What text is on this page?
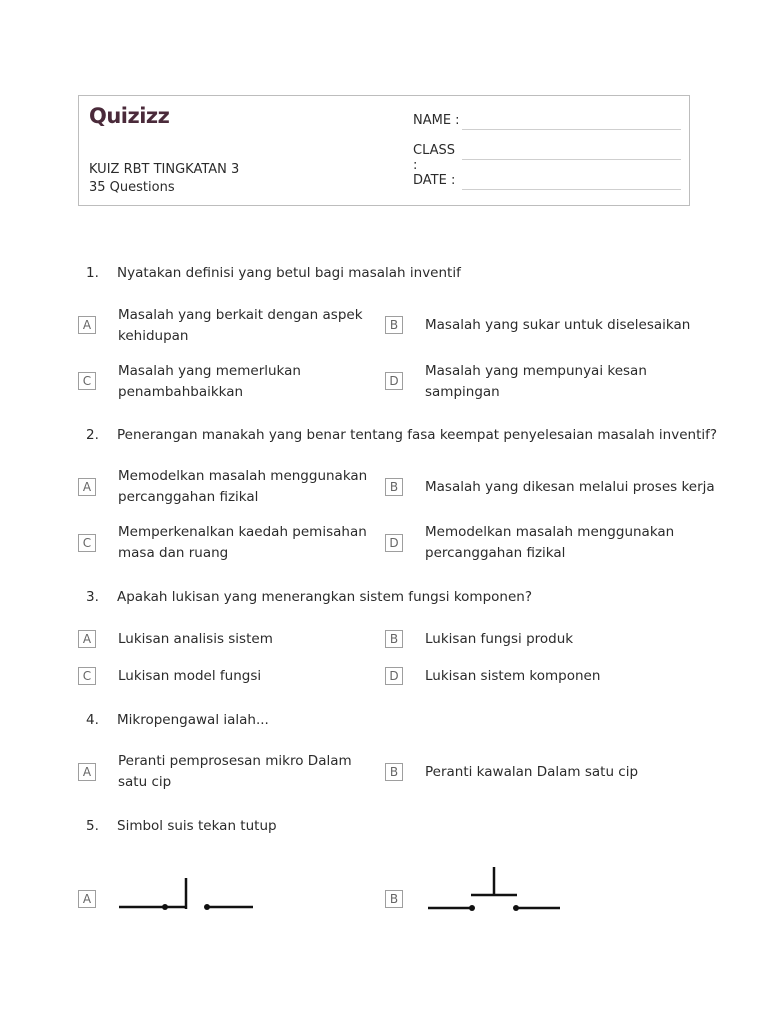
Quizizz
KUIZ RBT TINGKATAN 3
35 Questions
NAME :
CLASS :
DATE :
1. Nyatakan definisi yang betul bagi masalah inventif
A
Masalah yang berkait dengan aspek kehidupan
B	Masalah yang sukar untuk diselesaikan
C
Masalah yang memerlukan penambahbaikkan
D
Masalah yang mempunyai kesan sampingan
2. Penerangan manakah yang benar tentang fasa keempat penyelesaian masalah inventif?
A
Memodelkan masalah menggunakan percanggahan fizikal
B	Masalah yang dikesan melalui proses kerja
C
Memperkenalkan kaedah pemisahan masa dan ruang
D
Memodelkan masalah menggunakan percanggahan fizikal
3. Apakah lukisan yang menerangkan sistem fungsi komponen?
A	Lukisan analisis sistem	B	Lukisan fungsi produk
C	Lukisan model fungsi	D	Lukisan sistem komponen
4. Mikropengawal ialah...
A
Peranti pemprosesan mikro Dalam satu cip
B	Peranti kawalan Dalam satu cip
5. Simbol suis tekan tutup
A	B
